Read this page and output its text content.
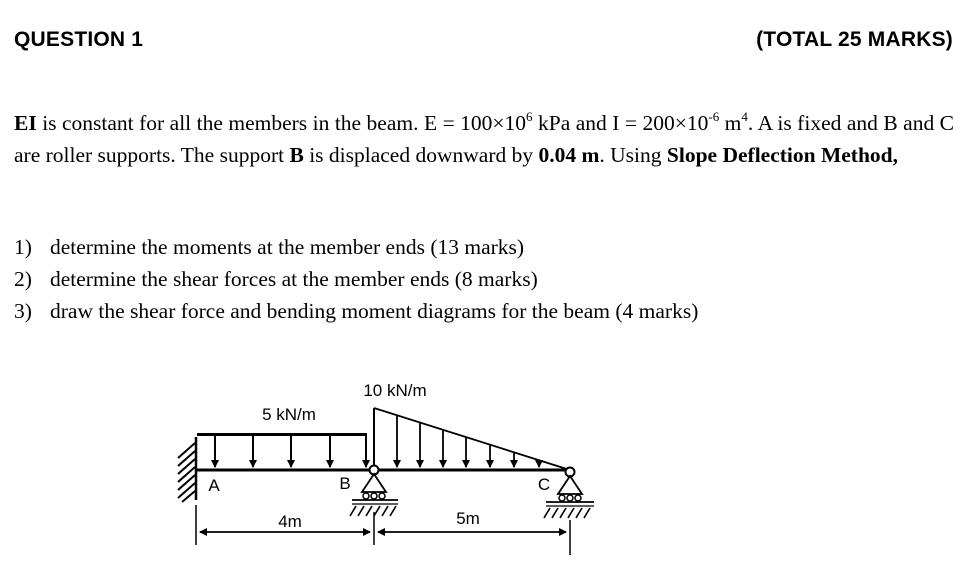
QUESTION 1	(TOTAL 25 MARKS)
EI is constant for all the members in the beam. $E = 100\times 10^6$ kPa and $I = 200\times 10^{-6}$ $m^4$. A is fixed and B and C are roller supports. The support B is displaced downward by 0.04 m. Using Slope Deflection Method,
1) determine the moments at the member ends (13 marks)
2) determine the shear forces at the member ends (8 marks)
3) draw the shear force and bending moment diagrams for the beam (4 marks)
5 kN/m
10 kN/m
A	B	C
4m	5m
